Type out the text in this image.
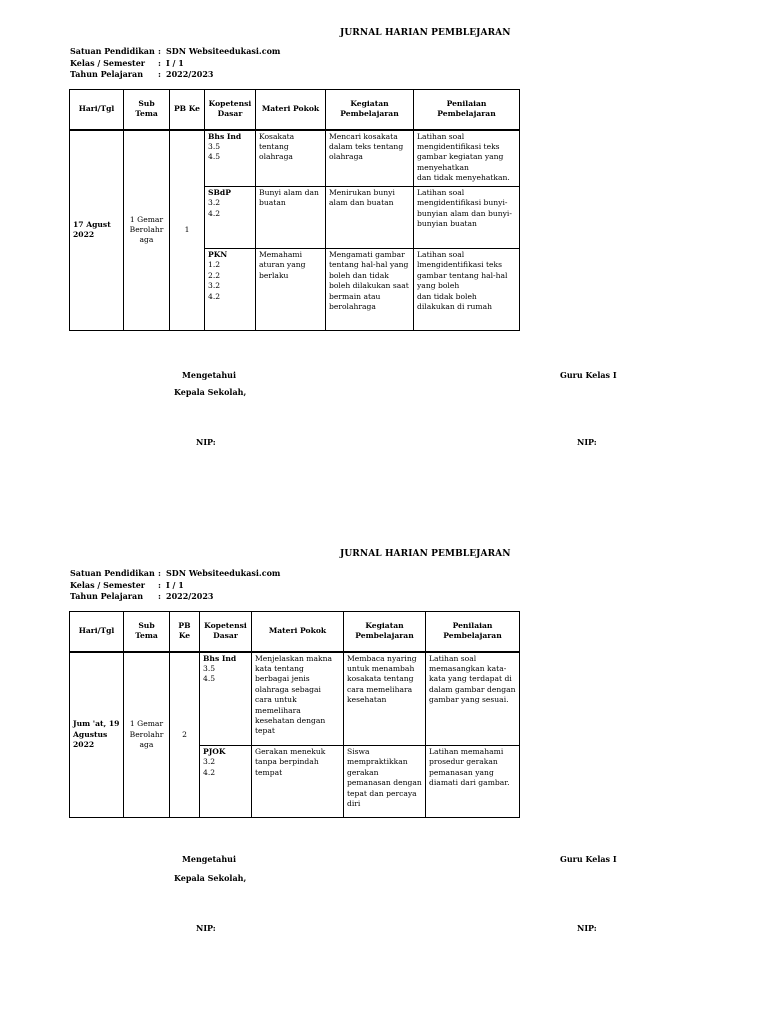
JURNAL HARIAN PEMBLEJARAN
Satuan Pendidikan : SDN Websiteedukasi.com
Kelas / Semester	: I / 1
Tahun Pelajaran	: 2022/2023
Hari/Tgl	Sub Tema	PB Ke	Kopetensi Dasar	Materi Pokok	Kegiatan Pembelajaran	Penilaian Pembelajaran
17 Agust 2022	1 Gemar Berolahr aga	1	Bhs Ind
3.5
4.5	Kosakata tentang olahraga	Mencari kosakata dalam teks tentang olahraga	Latihan soal mengidentifikasi teks gambar kegiatan yang menyehatkan
dan tidak menyehatkan.

			SBdP
3.2
4.2	Bunyi alam dan buatan	Menirukan bunyi alam dan buatan	Latihan soal mengidentifikasi bunyi-bunyian alam dan bunyi-bunyian buatan

			PKN
1.2
2.2
3.2
4.2	Memahami aturan yang berlaku	Mengamati gambar tentang hal-hal yang boleh dan tidak boleh dilakukan saat bermain atau berolahraga	Latihan soal lmengidentifikasi teks gambar tentang hal-hal yang boleh
dan tidak boleh dilakukan di rumah
Mengetahui
Kepala Sekolah,
Guru Kelas I
NIP:	NIP:
JURNAL HARIAN PEMBLEJARAN
Satuan Pendidikan : SDN Websiteedukasi.com
Kelas / Semester	: I / 1
Tahun Pelajaran	: 2022/2023
Hari/Tgl	Sub Tema	PB Ke	Kopetensi Dasar	Materi Pokok	Kegiatan Pembelajaran	Penilaian Pembelajaran
Jum 'at, 19 Agustus 2022	1 Gemar Berolahr aga	2	Bhs Ind
3.5
4.5	Menjelaskan makna kata tentang berbagai jenis olahraga sebagai cara untuk memelihara kesehatan dengan tepat	Membaca nyaring untuk menambah kosakata tentang cara memelihara kesehatan	Latihan soal memasangkan kata-kata yang terdapat di dalam gambar dengan gambar yang sesuai.

			PJOK
3.2
4.2	Gerakan menekuk tanpa berpindah tempat	Siswa mempraktikkan gerakan pemanasan dengan tepat dan percaya diri	Latihan memahami prosedur gerakan pemanasan yang diamati dari gambar.
Mengetahui
Kepala Sekolah,
Guru Kelas I
NIP:	NIP:
